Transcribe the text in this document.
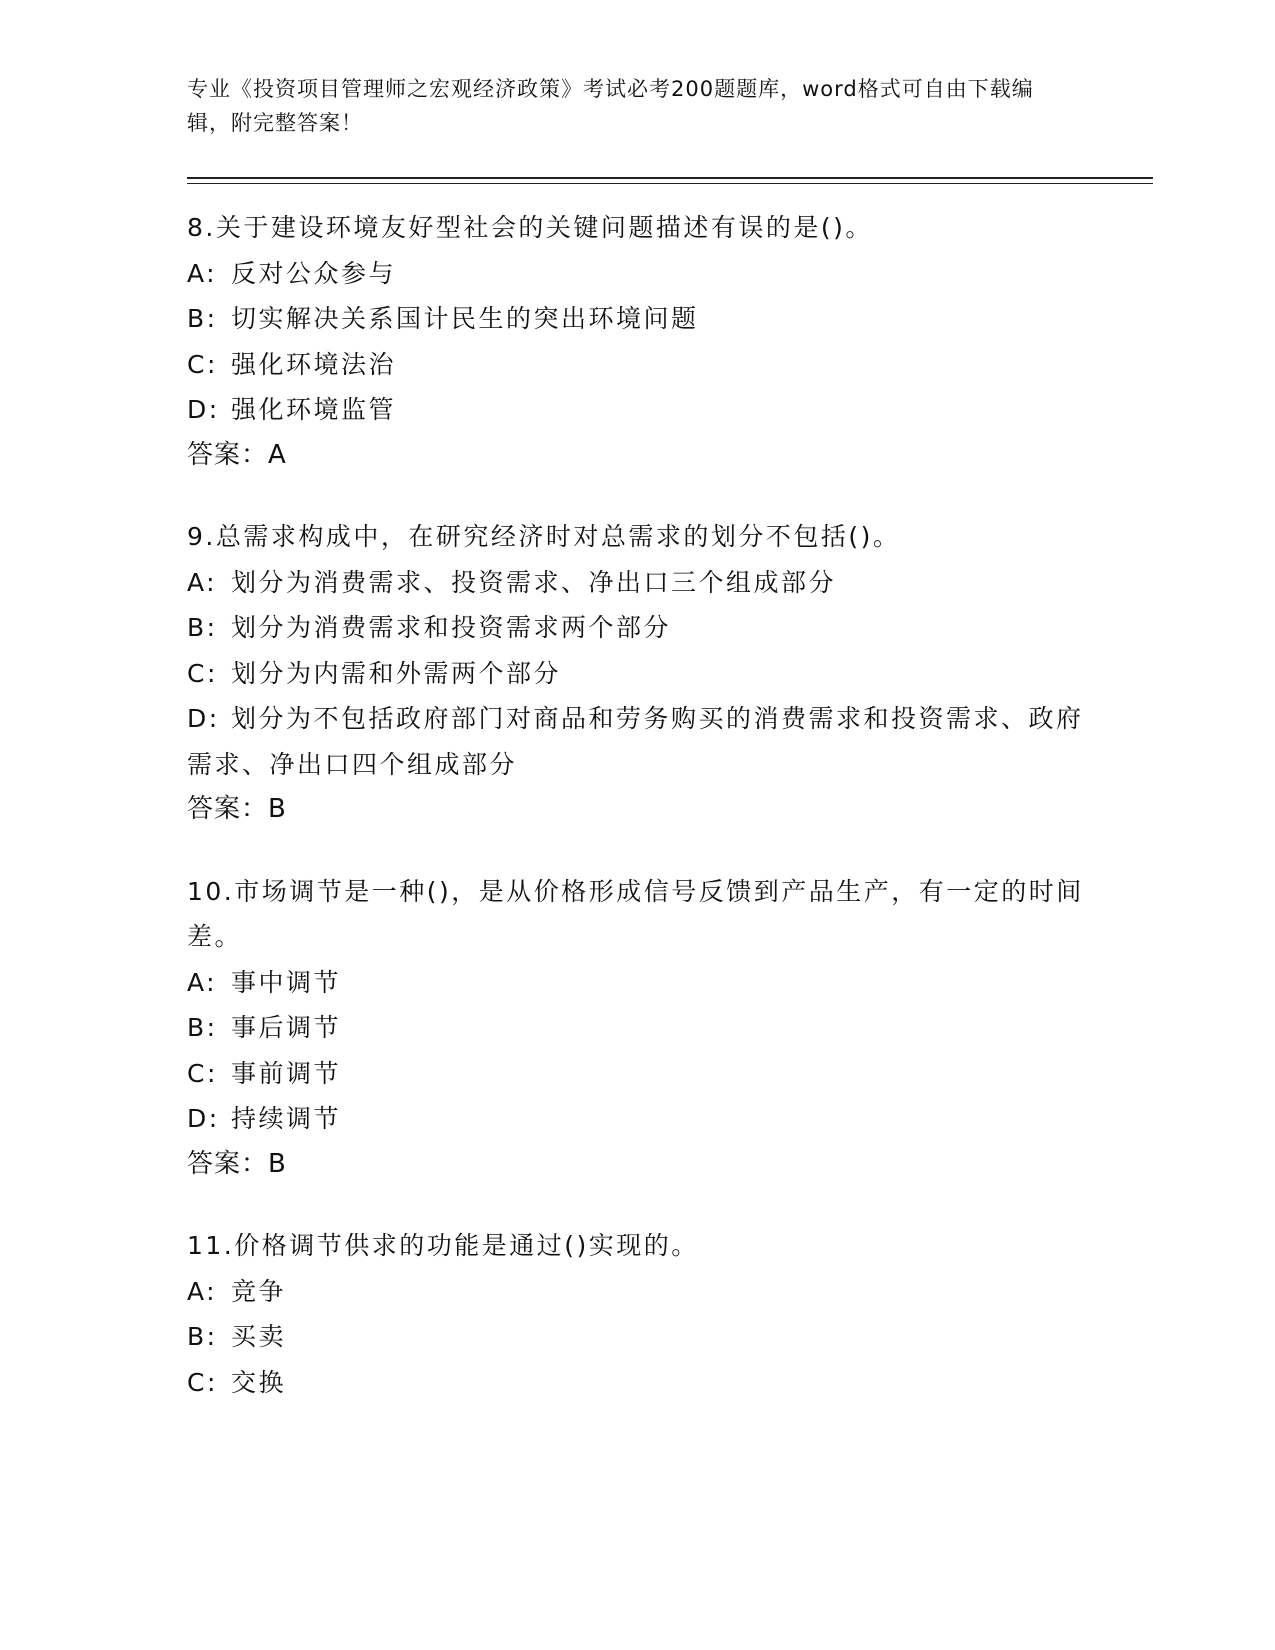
专业《投资项目管理师之宏观经济政策》考试必考200题题库，word格式可自由下载编辑，附完整答案！
8.关于建设环境友好型社会的关键问题描述有误的是()。
A: 反对公众参与
B: 切实解决关系国计民生的突出环境问题
C: 强化环境法治
D: 强化环境监管
答案：A
9.总需求构成中，在研究经济时对总需求的划分不包括()。
A: 划分为消费需求、投资需求、净出口三个组成部分
B: 划分为消费需求和投资需求两个部分
C: 划分为内需和外需两个部分
D: 划分为不包括政府部门对商品和劳务购买的消费需求和投资需求、政府需求、净出口四个组成部分
答案：B
10.市场调节是一种()，是从价格形成信号反馈到产品生产，有一定的时间差。
A: 事中调节
B: 事后调节
C: 事前调节
D: 持续调节
答案：B
11.价格调节供求的功能是通过()实现的。
A: 竞争
B: 买卖
C: 交换
